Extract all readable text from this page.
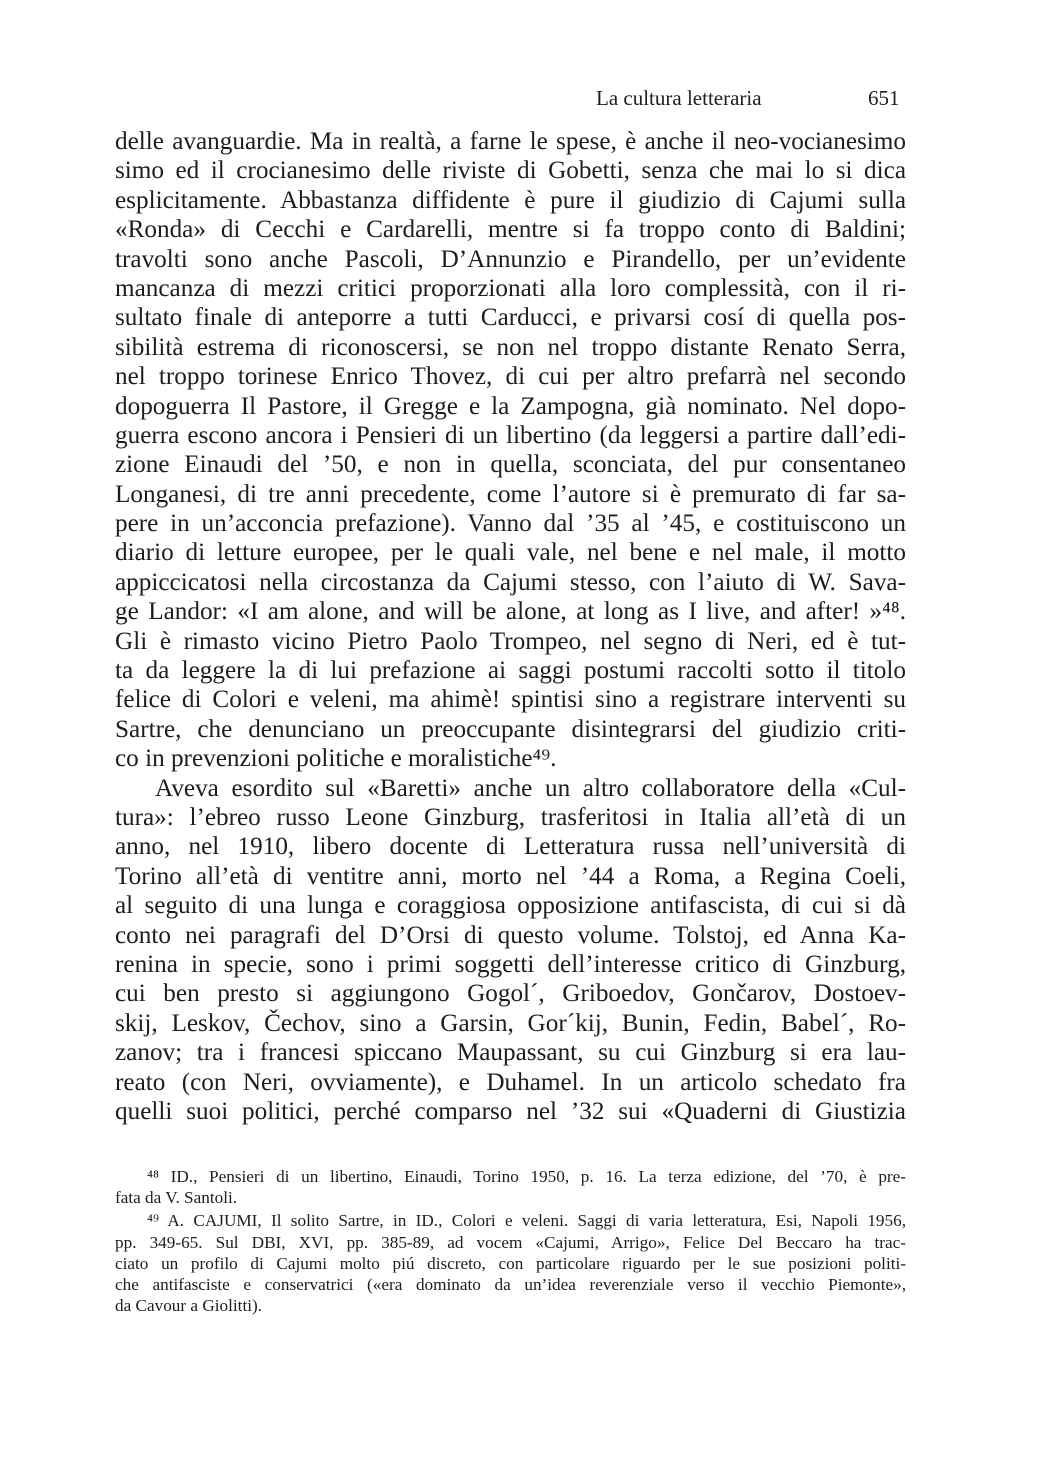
La cultura letteraria	651
delle avanguardie. Ma in realtà, a farne le spese, è anche il neo-vocianesimo
simo ed il crocianesimo delle riviste di Gobetti, senza che mai lo si dica
esplicitamente. Abbastanza diffidente è pure il giudizio di Cajumi sulla
«Ronda» di Cecchi e Cardarelli, mentre si fa troppo conto di Baldini;
travolti sono anche Pascoli, D’Annunzio e Pirandello, per un’evidente
mancanza di mezzi critici proporzionati alla loro complessità, con il ri-
sultato finale di anteporre a tutti Carducci, e privarsi cosí di quella pos-
sibilità estrema di riconoscersi, se non nel troppo distante Renato Serra,
nel troppo torinese Enrico Thovez, di cui per altro prefarrà nel secondo
dopoguerra Il Pastore, il Gregge e la Zampogna, già nominato. Nel dopo-
guerra escono ancora i Pensieri di un libertino (da leggersi a partire dall’edi-
zione Einaudi del ’50, e non in quella, sconciata, del pur consentaneo
Longanesi, di tre anni precedente, come l’autore si è premurato di far sa-
pere in un’acconcia prefazione). Vanno dal ’35 al ’45, e costituiscono un
diario di letture europee, per le quali vale, nel bene e nel male, il motto
appiccicatosi nella circostanza da Cajumi stesso, con l’aiuto di W. Sava-
ge Landor: «I am alone, and will be alone, at long as I live, and after! »⁴⁸.
Gli è rimasto vicino Pietro Paolo Trompeo, nel segno di Neri, ed è tut-
ta da leggere la di lui prefazione ai saggi postumi raccolti sotto il titolo
felice di Colori e veleni, ma ahimè! spintisi sino a registrare interventi su
Sartre, che denunciano un preoccupante disintegrarsi del giudizio criti-
co in prevenzioni politiche e moralistiche⁴⁹.
Aveva esordito sul «Baretti» anche un altro collaboratore della «Cul-
tura»: l’ebreo russo Leone Ginzburg, trasferitosi in Italia all’età di un
anno, nel 1910, libero docente di Letteratura russa nell’università di
Torino all’età di ventitre anni, morto nel ’44 a Roma, a Regina Coeli,
al seguito di una lunga e coraggiosa opposizione antifascista, di cui si dà
conto nei paragrafi del D’Orsi di questo volume. Tolstoj, ed Anna Ka-
renina in specie, sono i primi soggetti dell’interesse critico di Ginzburg,
cui ben presto si aggiungono Gogol´, Griboedov, Gončarov, Dostoev-
skij, Leskov, Čechov, sino a Garsin, Gor´kij, Bunin, Fedin, Babel´, Ro-
zanov; tra i francesi spiccano Maupassant, su cui Ginzburg si era lau-
reato (con Neri, ovviamente), e Duhamel. In un articolo schedato fra
quelli suoi politici, perché comparso nel ’32 sui «Quaderni di Giustizia
⁴⁸ ID., Pensieri di un libertino, Einaudi, Torino 1950, p. 16. La terza edizione, del ’70, è pre-
fata da V. Santoli.
⁴⁹ A. CAJUMI, Il solito Sartre, in ID., Colori e veleni. Saggi di varia letteratura, Esi, Napoli 1956,
pp. 349-65. Sul DBI, XVI, pp. 385-89, ad vocem «Cajumi, Arrigo», Felice Del Beccaro ha trac-
ciato un profilo di Cajumi molto piú discreto, con particolare riguardo per le sue posizioni politi-
che antifasciste e conservatrici («era dominato da un’idea reverenziale verso il vecchio Piemonte»,
da Cavour a Giolitti).
